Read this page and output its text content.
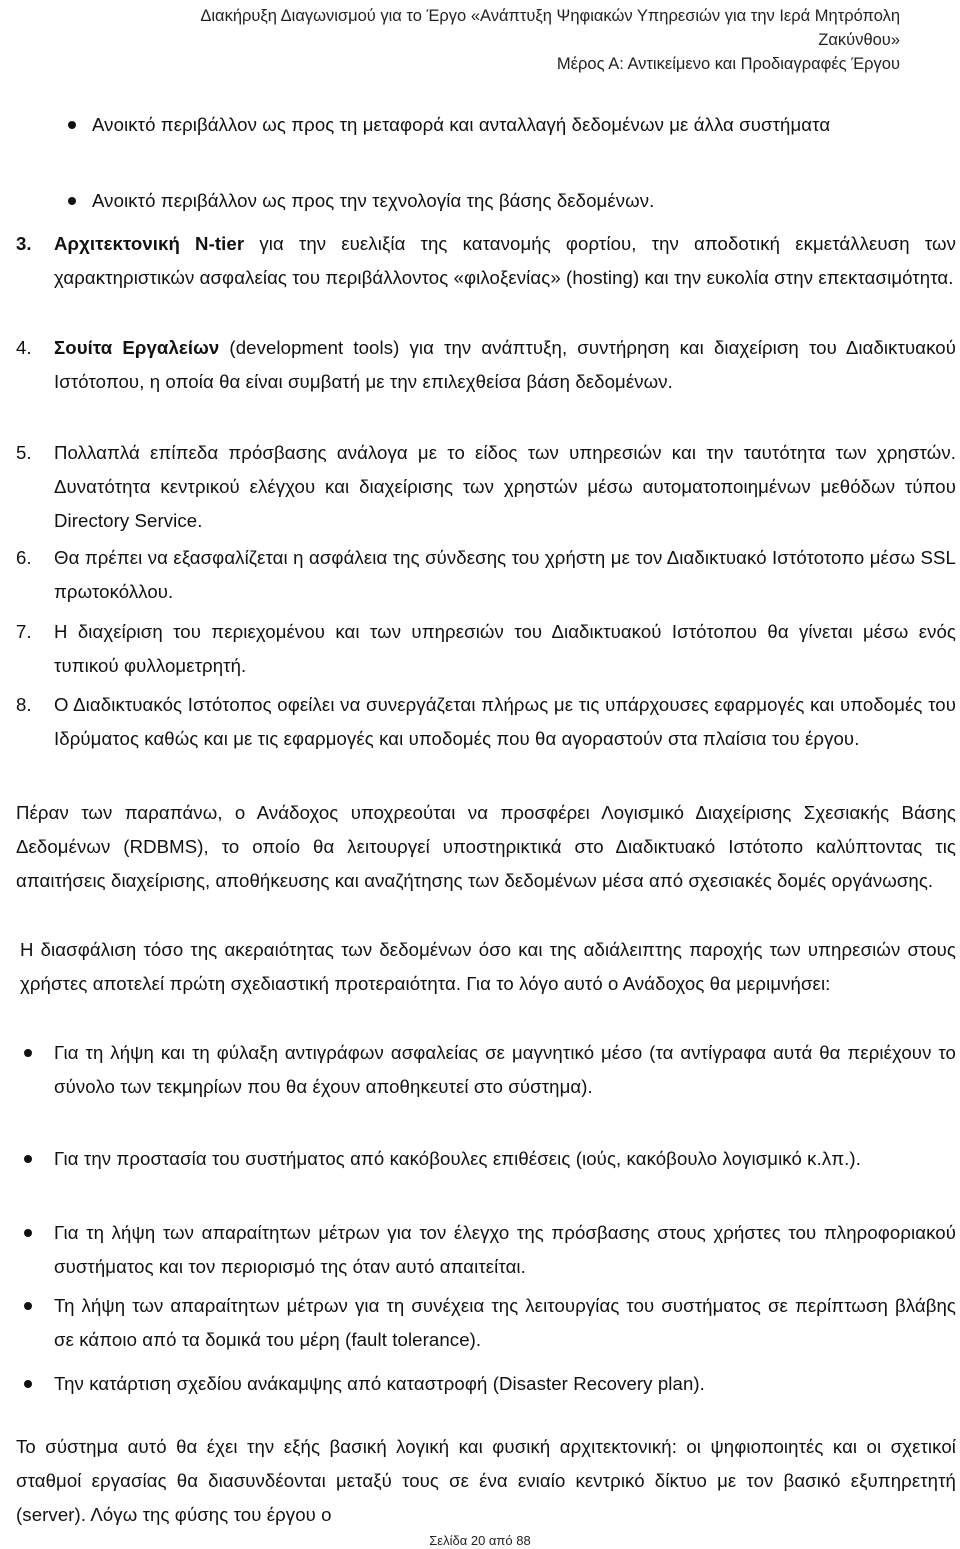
Διακήρυξη Διαγωνισμού για το Έργο «Ανάπτυξη Ψηφιακών Υπηρεσιών για την Ιερά Μητρόπολη
Ζακύνθου»
Μέρος Α: Αντικείμενο και Προδιαγραφές Έργου
Ανοικτό περιβάλλον ως προς τη μεταφορά και ανταλλαγή δεδομένων με άλλα συστήματα
Ανοικτό περιβάλλον ως προς την τεχνολογία της βάσης δεδομένων.
3. Αρχιτεκτονική N-tier για την ευελιξία της κατανομής φορτίου, την αποδοτική εκμετάλλευση των χαρακτηριστικών ασφαλείας του περιβάλλοντος «φιλοξενίας» (hosting) και την ευκολία στην επεκτασιμότητα.
4. Σουίτα Εργαλείων (development tools) για την ανάπτυξη, συντήρηση και διαχείριση του Διαδικτυακού Ιστότοπου, η οποία θα είναι συμβατή με την επιλεχθείσα βάση δεδομένων.
5. Πολλαπλά επίπεδα πρόσβασης ανάλογα με το είδος των υπηρεσιών και την ταυτότητα των χρηστών. Δυνατότητα κεντρικού ελέγχου και διαχείρισης των χρηστών μέσω αυτοματοποιημένων μεθόδων τύπου Directory Service.
6. Θα πρέπει να εξασφαλίζεται η ασφάλεια της σύνδεσης του χρήστη με τον Διαδικτυακό Ιστότοτοπο μέσω SSL πρωτοκόλλου.
7. Η διαχείριση του περιεχομένου και των υπηρεσιών του Διαδικτυακού Ιστότοπου θα γίνεται μέσω ενός τυπικού φυλλομετρητή.
8. Ο Διαδικτυακός Ιστότοπος οφείλει να συνεργάζεται πλήρως με τις υπάρχουσες εφαρμογές και υποδομές του Ιδρύματος καθώς και με τις εφαρμογές και υποδομές που θα αγοραστούν στα πλαίσια του έργου.
Πέραν των παραπάνω, ο Ανάδοχος υποχρεούται να προσφέρει Λογισμικό Διαχείρισης Σχεσιακής Βάσης Δεδομένων (RDBMS), το οποίο θα λειτουργεί υποστηρικτικά στο Διαδικτυακό Ιστότοπο καλύπτοντας τις απαιτήσεις διαχείρισης, αποθήκευσης και αναζήτησης των δεδομένων μέσα από σχεσιακές δομές οργάνωσης.
Η διασφάλιση τόσο της ακεραιότητας των δεδομένων όσο και της αδιάλειπτης παροχής των υπηρεσιών στους χρήστες αποτελεί πρώτη σχεδιαστική προτεραιότητα. Για το λόγο αυτό ο Ανάδοχος θα μεριμνήσει:
Για τη λήψη και τη φύλαξη αντιγράφων ασφαλείας σε μαγνητικό μέσο (τα αντίγραφα αυτά θα περιέχουν το σύνολο των τεκμηρίων που θα έχουν αποθηκευτεί στο σύστημα).
Για την προστασία του συστήματος από κακόβουλες επιθέσεις (ιούς, κακόβουλο λογισμικό κ.λπ.).
Για τη λήψη των απαραίτητων μέτρων για τον έλεγχο της πρόσβασης στους χρήστες του πληροφοριακού συστήματος και τον περιορισμό της όταν αυτό απαιτείται.
Τη λήψη των απαραίτητων μέτρων για τη συνέχεια της λειτουργίας του συστήματος σε περίπτωση βλάβης σε κάποιο από τα δομικά του μέρη (fault tolerance).
Την κατάρτιση σχεδίου ανάκαμψης από καταστροφή (Disaster Recovery plan).
Το σύστημα αυτό θα έχει την εξής βασική λογική και φυσική αρχιτεκτονική: οι ψηφιοποιητές και οι σχετικοί σταθμοί εργασίας θα διασυνδέονται μεταξύ τους σε ένα ενιαίο κεντρικό δίκτυο με τον βασικό εξυπηρετητή (server). Λόγω της φύσης του έργου ο
Σελίδα 20 από 88
